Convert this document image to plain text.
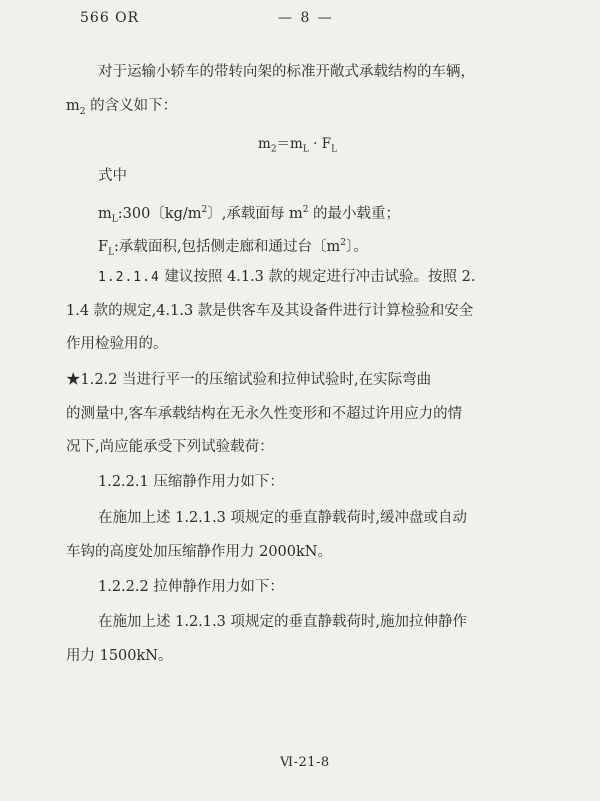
566 OR	— 8 —
对于运输小轿车的带转向架的标准开敞式承载结构的车辆，
$m_2$ 的含义如下：
$m_2=m_L \cdot F_L$
式中
$m_L:300$〔$kg/m^2$〕,承载面每 $m^2$ 的最小载重；
$F_L$:承载面积,包括侧走廊和通过台〔$m^2$〕。
1.2.1.4 建议按照 4.1.3 款的规定进行冲击试验。按照 2.
1.4 款的规定,4.1.3 款是供客车及其设备件进行计算检验和安全
作用检验用的。
★1.2.2 当进行平一的压缩试验和拉伸试验时,在实际弯曲
的测量中,客车承载结构在无永久性变形和不超过许用应力的情
况下,尚应能承受下列试验载荷：
1.2.2.1 压缩静作用力如下：
在施加上述 1.2.1.3 项规定的垂直静载荷时,缓冲盘或自动
车钩的高度处加压缩静作用力 2000kN。
1.2.2.2 拉伸静作用力如下：
在施加上述 1.2.1.3 项规定的垂直静载荷时,施加拉伸静作
用力 1500kN。
Ⅵ-21-8
